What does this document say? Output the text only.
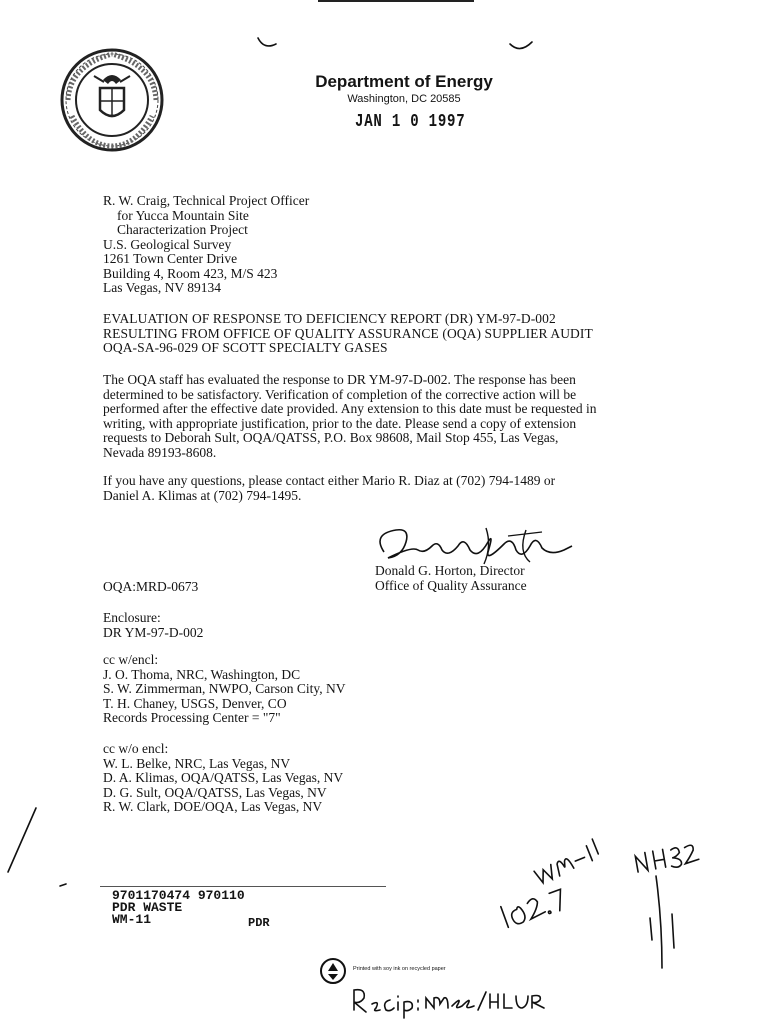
Department of Energy
Washington, DC 20585
JAN 1 0 1997
R. W. Craig, Technical Project Officer
for Yucca Mountain Site
Characterization Project
U.S. Geological Survey
1261 Town Center Drive
Building 4, Room 423, M/S 423
Las Vegas, NV 89134
EVALUATION OF RESPONSE TO DEFICIENCY REPORT (DR) YM-97-D-002
RESULTING FROM OFFICE OF QUALITY ASSURANCE (OQA) SUPPLIER AUDIT
OQA-SA-96-029 OF SCOTT SPECIALTY GASES
The OQA staff has evaluated the response to DR YM-97-D-002. The response has been
determined to be satisfactory. Verification of completion of the corrective action will be
performed after the effective date provided. Any extension to this date must be requested in
writing, with appropriate justification, prior to the date. Please send a copy of extension
requests to Deborah Sult, OQA/QATSS, P.O. Box 98608, Mail Stop 455, Las Vegas,
Nevada 89193-8608.
If you have any questions, please contact either Mario R. Diaz at (702) 794-1489 or
Daniel A. Klimas at (702) 794-1495.
Donald G. Horton, Director
Office of Quality Assurance
OQA:MRD-0673
Enclosure:
DR YM-97-D-002
cc w/encl:
J. O. Thoma, NRC, Washington, DC
S. W. Zimmerman, NWPO, Carson City, NV
T. H. Chaney, USGS, Denver, CO
Records Processing Center = "7"
cc w/o encl:
W. L. Belke, NRC, Las Vegas, NV
D. A. Klimas, OQA/QATSS, Las Vegas, NV
D. G. Sult, OQA/QATSS, Las Vegas, NV
R. W. Clark, DOE/OQA, Las Vegas, NV
9701170474 970110
PDR WASTE
WM-11	PDR
Printed with soy ink on recycled paper
